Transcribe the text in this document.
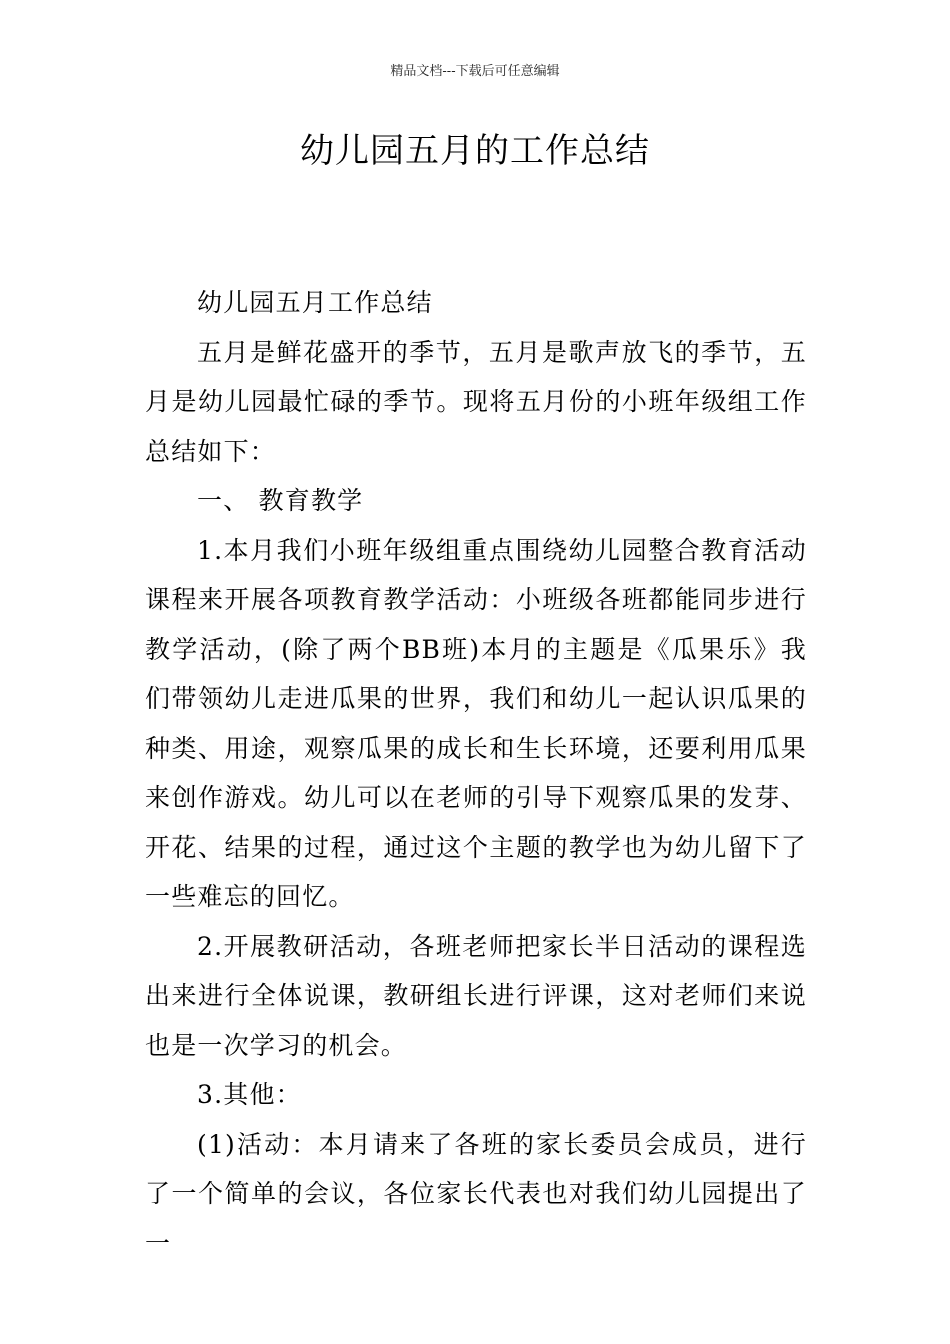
精品文档---下载后可任意编辑
幼儿园五月的工作总结

幼儿园五月工作总结

五月是鲜花盛开的季节，五月是歌声放飞的季节，五月是幼儿园最忙碌的季节。现将五月份的小班年级组工作总结如下：

一、 教育教学

1.本月我们小班年级组重点围绕幼儿园整合教育活动课程来开展各项教育教学活动：小班级各班都能同步进行教学活动，(除了两个BB班)本月的主题是《瓜果乐》我们带领幼儿走进瓜果的世界，我们和幼儿一起认识瓜果的种类、用途，观察瓜果的成长和生长环境，还要利用瓜果来创作游戏。幼儿可以在老师的引导下观察瓜果的发芽、开花、结果的过程，通过这个主题的教学也为幼儿留下了一些难忘的回忆。

2.开展教研活动，各班老师把家长半日活动的课程选出来进行全体说课，教研组长进行评课，这对老师们来说也是一次学习的机会。

3.其他：

(1)活动：本月请来了各班的家长委员会成员，进行了一个简单的会议，各位家长代表也对我们幼儿园提出了一
